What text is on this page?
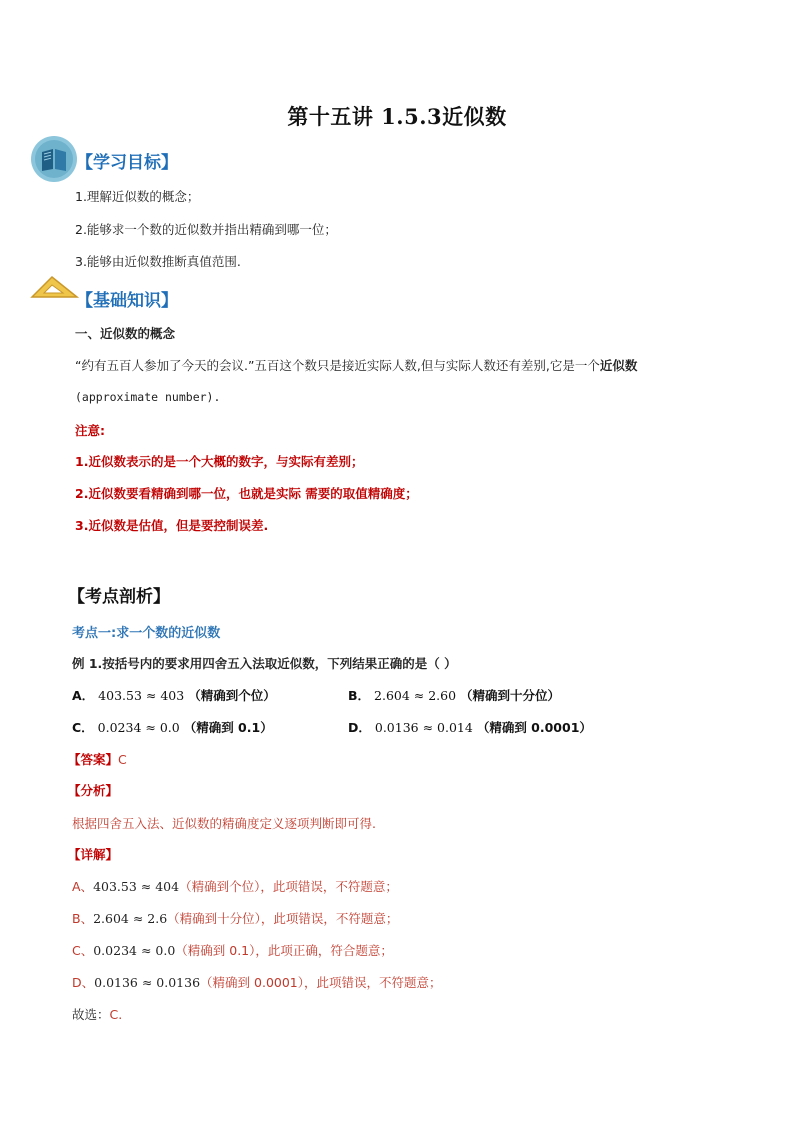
第十五讲 1.5.3近似数
【学习目标】
1.理解近似数的概念；
2.能够求一个数的近似数并指出精确到哪一位；
3.能够由近似数推断真值范围.
【基础知识】
一、近似数的概念
“约有五百人参加了今天的会议.”五百这个数只是接近实际人数,但与实际人数还有差别,它是一个近似数
(approximate number).
注意:
1.近似数表示的是一个大概的数字，与实际有差别；
2.近似数要看精确到哪一位，也就是实际 需要的取值精确度；
3.近似数是估值，但是要控制误差.
【考点剖析】
考点一:求一个数的近似数
例 1.按括号内的要求用四舍五入法取近似数，下列结果正确的是（ ）
A． 403.53 ≈ 403 （精确到个位）	B． 2.604 ≈ 2.60 （精确到十分位）
C． 0.0234 ≈ 0.0 （精确到 0.1）	D． 0.0136 ≈ 0.014 （精确到 0.0001）
【答案】C
【分析】
根据四舍五入法、近似数的精确度定义逐项判断即可得.
【详解】
A、403.53 ≈ 404（精确到个位），此项错误，不符题意；
B、2.604 ≈ 2.6（精确到十分位），此项错误，不符题意；
C、0.0234 ≈ 0.0（精确到 0.1），此项正确，符合题意；
D、0.0136 ≈ 0.0136（精确到 0.0001），此项错误，不符题意；
故选：C.
